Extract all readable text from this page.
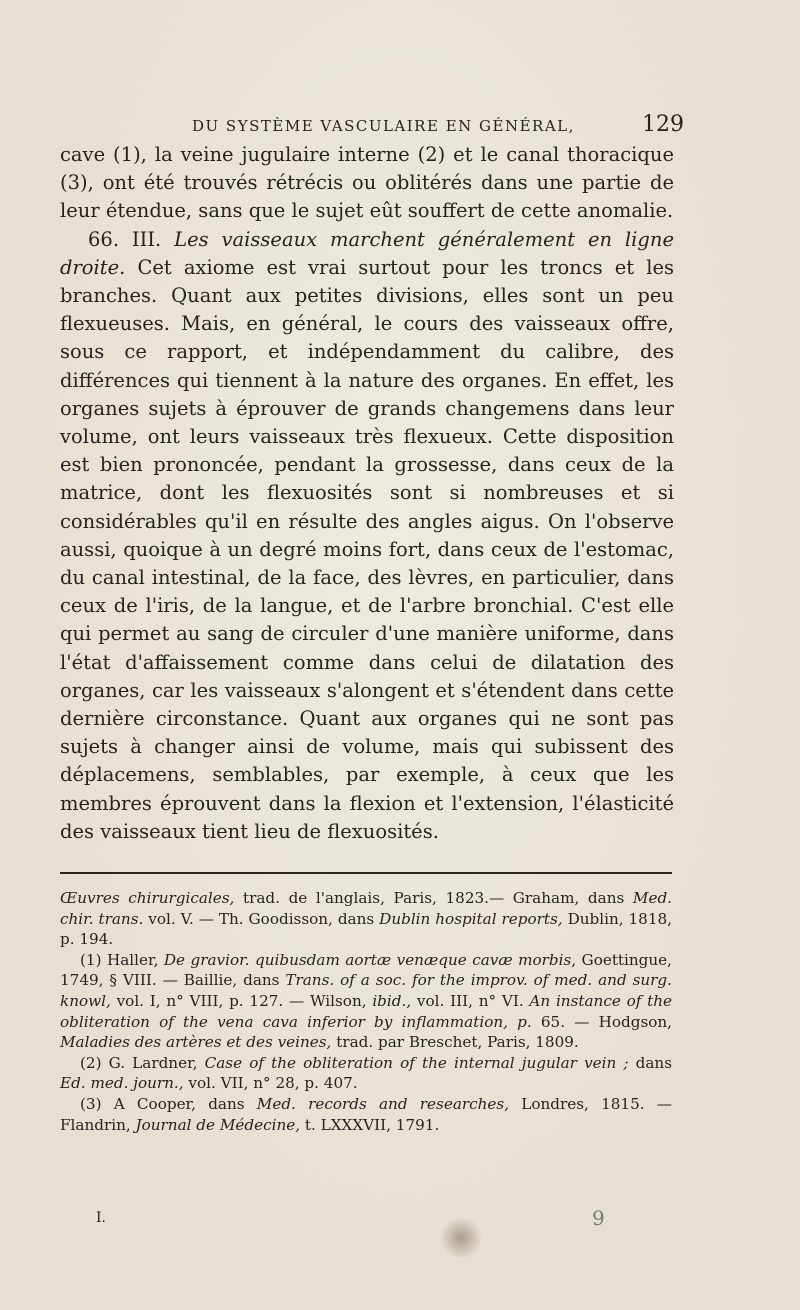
DU SYSTÈME VASCULAIRE EN GÉNÉRAL,	129

cave (1), la veine jugulaire interne (2) et le canal thoracique (3), ont été trouvés rétrécis ou oblitérés dans une partie de leur étendue, sans que le sujet eût souffert de cette anomalie.

66. III. Les vaisseaux marchent généralement en ligne droite. Cet axiome est vrai surtout pour les troncs et les branches. Quant aux petites divisions, elles sont un peu flexueuses. Mais, en général, le cours des vaisseaux offre, sous ce rapport, et indépendamment du calibre, des différences qui tiennent à la nature des organes. En effet, les organes sujets à éprouver de grands changemens dans leur volume, ont leurs vaisseaux très flexueux. Cette disposition est bien prononcée, pendant la grossesse, dans ceux de la matrice, dont les flexuosités sont si nombreuses et si considérables qu'il en résulte des angles aigus. On l'observe aussi, quoique à un degré moins fort, dans ceux de l'estomac, du canal intestinal, de la face, des lèvres, en particulier, dans ceux de l'iris, de la langue, et de l'arbre bronchial. C'est elle qui permet au sang de circuler d'une manière uniforme, dans l'état d'affaissement comme dans celui de dilatation des organes, car les vaisseaux s'alongent et s'étendent dans cette dernière circonstance. Quant aux organes qui ne sont pas sujets à changer ainsi de volume, mais qui subissent des déplacemens, semblables, par exemple, à ceux que les membres éprouvent dans la flexion et l'extension, l'élasticité des vaisseaux tient lieu de flexuosités.

Œuvres chirurgicales, trad. de l'anglais, Paris, 1823.— Graham, dans Med. chir. trans. vol. V. — Th. Goodisson, dans Dublin hospital reports, Dublin, 1818, p. 194.

(1) Haller, De gravior. quibusdam aortæ venæque cavæ morbis, Goettingue, 1749, § VIII. — Baillie, dans Trans. of a soc. for the improv. of med. and surg. knowl, vol. I, n° VIII, p. 127. — Wilson, ibid., vol. III, n° VI. An instance of the obliteration of the vena cava inferior by inflammation, p. 65. — Hodgson, Maladies des artères et des veines, trad. par Breschet, Paris, 1809.

(2) G. Lardner, Case of the obliteration of the internal jugular vein ; dans Ed. med. journ., vol. VII, n° 28, p. 407.

(3) A Cooper, dans Med. records and researches, Londres, 1815. — Flandrin, Journal de Médecine, t. LXXXVII, 1791.

I.	9
